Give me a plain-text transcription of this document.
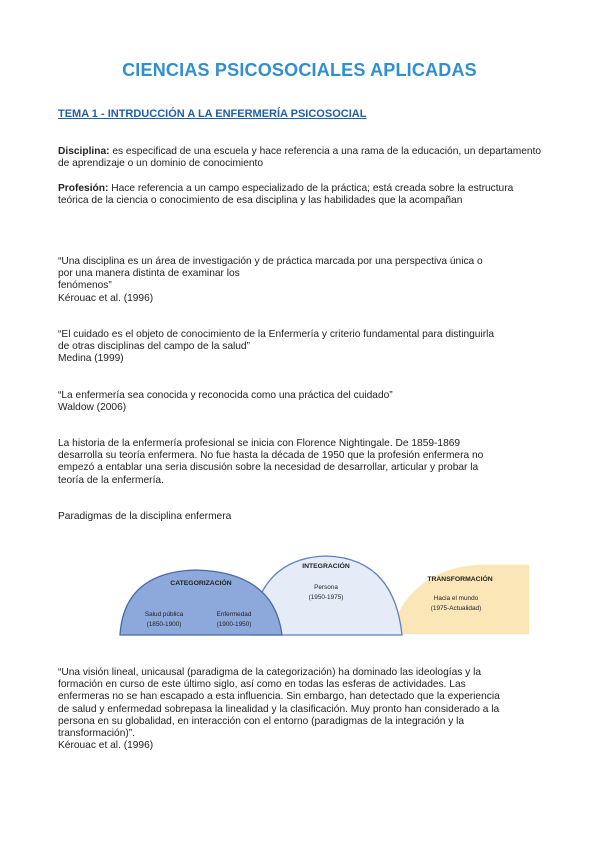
CIENCIAS PSICOSOCIALES APLICADAS
TEMA 1 - INTRDUCCIÓN A LA ENFERMERÍA PSICOSOCIAL
Disciplina: es especificad de una escuela y hace referencia a una rama de la educación, un departamento de aprendizaje o un dominio de conocimiento
Profesión: Hace referencia a un campo especializado de la práctica; está creada sobre la estructura teórica de la ciencia o conocimiento de esa disciplina y las habilidades que la acompañan
“Una disciplina es un área de investigación y de práctica marcada por una perspectiva única o
por una manera distinta de examinar los
fenómenos”
Kérouac et al. (1996)
“El cuidado es el objeto de conocimiento de la Enfermería y criterio fundamental para distinguirla
de otras disciplinas del campo de la salud”
Medina (1999)
“La enfermería sea conocida y reconocida como una práctica del cuidado”
Waldow (2006)
La historia de la enfermería profesional se inicia con Florence Nightingale. De 1859-1869
desarrolla su teoría enfermera. No fue hasta la década de 1950 que la profesión enfermera no
empezó a entablar una seria discusión sobre la necesidad de desarrollar, articular y probar la
teoría de la enfermería.
Paradigmas de la disciplina enfermera
CATEGORIZACIÓN
Salud pública
(1850-1900)
Enfermedad
(1900-1950)
INTEGRACIÓN
Persona
(1950-1975)
TRANSFORMACIÓN
Hacia el mundo
(1975-Actualidad)
“Una visión lineal, unicausal (paradigma de la categorización) ha dominado las ideologías y la
formación en curso de este último siglo, así como en todas las esferas de actividades. Las
enfermeras no se han escapado a esta influencia. Sin embargo, han detectado que la experiencia
de salud y enfermedad sobrepasa la linealidad y la clasificación. Muy pronto han considerado a la
persona en su globalidad, en interacción con el entorno (paradigmas de la integración y la
transformación)”.
Kérouac et al. (1996)
